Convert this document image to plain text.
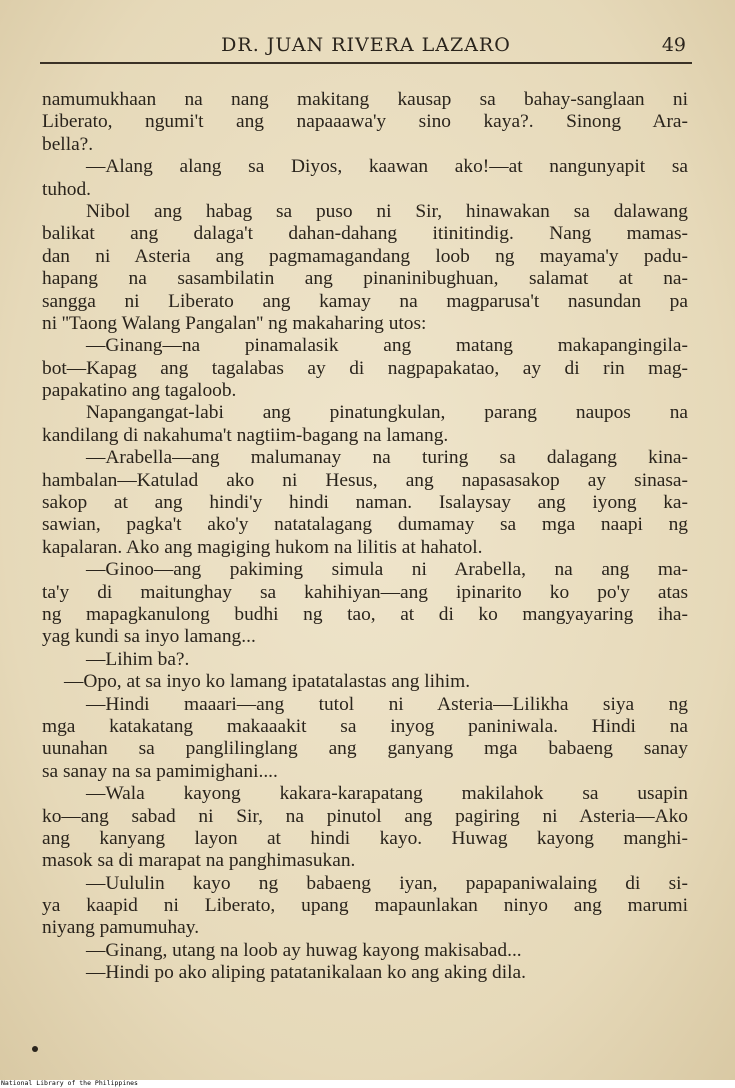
DR. JUAN RIVERA LAZARO	49
namumukhaan na nang makitang kausap sa bahay-sanglaan ni
Liberato, ngumi't ang napaaawa'y sino kaya?. Sinong Ara-
bella?.
—Alang alang sa Diyos, kaawan ako!—at nangunyapit sa
tuhod.
Nibol ang habag sa puso ni Sir, hinawakan sa dalawang
balikat ang dalaga't dahan-dahang itinitindig. Nang mamas-
dan ni Asteria ang pagmamagandang loob ng mayama'y padu-
hapang na sasambilatin ang pinaninibughuan, salamat at na-
sangga ni Liberato ang kamay na magparusa't nasundan pa
ni ''Taong Walang Pangalan'' ng makaharing utos:
—Ginang—na pinamalasik ang matang makapangingila-
bot—Kapag ang tagalabas ay di nagpapakatao, ay di rin mag-
papakatino ang tagaloob.
Napangangat-labi ang pinatungkulan, parang naupos na
kandilang di nakahuma't nagtiim-bagang na lamang.
—Arabella—ang malumanay na turing sa dalagang kina-
hambalan—Katulad ako ni Hesus, ang napasasakop ay sinasa-
sakop at ang hindi'y hindi naman. Isalaysay ang iyong ka-
sawian, pagka't ako'y natatalagang dumamay sa mga naapi ng
kapalaran. Ako ang magiging hukom na lilitis at hahatol.
—Ginoo—ang pakiming simula ni Arabella, na ang ma-
ta'y di maitunghay sa kahihiyan—ang ipinarito ko po'y atas
ng mapagkanulong budhi ng tao, at di ko mangyayaring iha-
yag kundi sa inyo lamang...
—Lihim ba?.
—Opo, at sa inyo ko lamang ipatatalastas ang lihim.
—Hindi maaari—ang tutol ni Asteria—Lilikha siya ng
mga katakatang makaaakit sa inyog paniniwala. Hindi na
uunahan sa panglilinglang ang ganyang mga babaeng sanay
sa sanay na sa pamimighani....
—Wala kayong kakara-karapatang makilahok sa usapin
ko—ang sabad ni Sir, na pinutol ang pagiring ni Asteria—Ako
ang kanyang layon at hindi kayo. Huwag kayong manghi-
masok sa di marapat na panghimasukan.
—Uululin kayo ng babaeng iyan, papapaniwalaing di si-
ya kaapid ni Liberato, upang mapaunlakan ninyo ang marumi
niyang pamumuhay.
—Ginang, utang na loob ay huwag kayong makisabad...
—Hindi po ako aliping patatanikalaan ko ang aking dila.
National Library of the Philippines
